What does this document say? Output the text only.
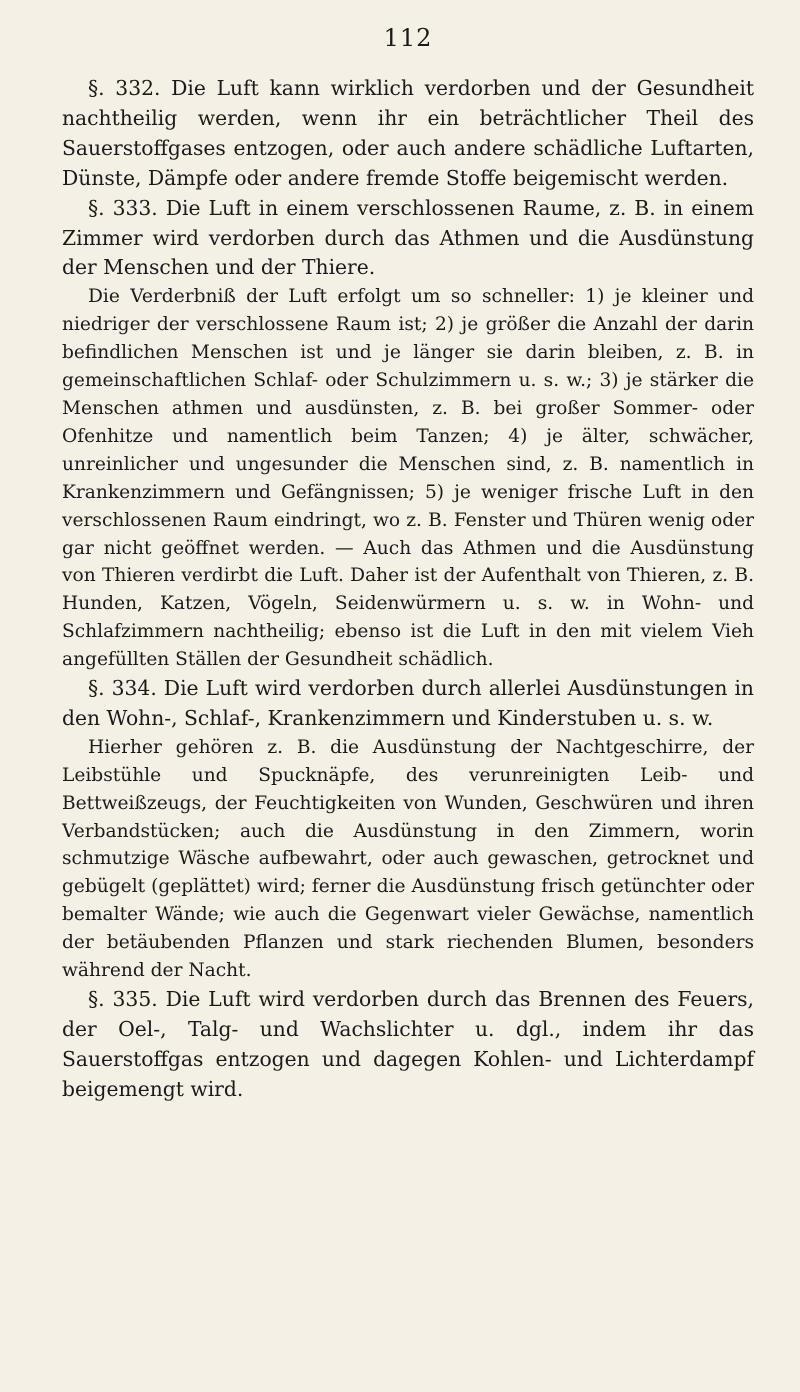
112

§. 332. Die Luft kann wirklich verdorben und der Gesundheit nachtheilig werden, wenn ihr ein beträchtlicher Theil des Sauerstoffgases entzogen, oder auch andere schädliche Luftarten, Dünste, Dämpfe oder andere fremde Stoffe beigemischt werden.

§. 333. Die Luft in einem verschlossenen Raume, z. B. in einem Zimmer wird verdorben durch das Athmen und die Ausdünstung der Menschen und der Thiere.

Die Verderbniß der Luft erfolgt um so schneller: 1) je kleiner und niedriger der verschlossene Raum ist; 2) je größer die Anzahl der darin befindlichen Menschen ist und je länger sie darin bleiben, z. B. in gemeinschaftlichen Schlaf- oder Schulzimmern u. s. w.; 3) je stärker die Menschen athmen und ausdünsten, z. B. bei großer Sommer- oder Ofenhitze und namentlich beim Tanzen; 4) je älter, schwächer, unreinlicher und ungesunder die Menschen sind, z. B. namentlich in Krankenzimmern und Gefängnissen; 5) je weniger frische Luft in den verschlossenen Raum eindringt, wo z. B. Fenster und Thüren wenig oder gar nicht geöffnet werden. — Auch das Athmen und die Ausdünstung von Thieren verdirbt die Luft. Daher ist der Aufenthalt von Thieren, z. B. Hunden, Katzen, Vögeln, Seidenwürmern u. s. w. in Wohn- und Schlafzimmern nachtheilig; ebenso ist die Luft in den mit vielem Vieh angefüllten Ställen der Gesundheit schädlich.

§. 334. Die Luft wird verdorben durch allerlei Ausdünstungen in den Wohn-, Schlaf-, Krankenzimmern und Kinderstuben u. s. w.

Hierher gehören z. B. die Ausdünstung der Nachtgeschirre, der Leibstühle und Spucknäpfe, des verunreinigten Leib- und Bettweißzeugs, der Feuchtigkeiten von Wunden, Geschwüren und ihren Verbandstücken; auch die Ausdünstung in den Zimmern, worin schmutzige Wäsche aufbewahrt, oder auch gewaschen, getrocknet und gebügelt (geplättet) wird; ferner die Ausdünstung frisch getünchter oder bemalter Wände; wie auch die Gegenwart vieler Gewächse, namentlich der betäubenden Pflanzen und stark riechenden Blumen, besonders während der Nacht.

§. 335. Die Luft wird verdorben durch das Brennen des Feuers, der Oel-, Talg- und Wachslichter u. dgl., indem ihr das Sauerstoffgas entzogen und dagegen Kohlen- und Lichterdampf beigemengt wird.
